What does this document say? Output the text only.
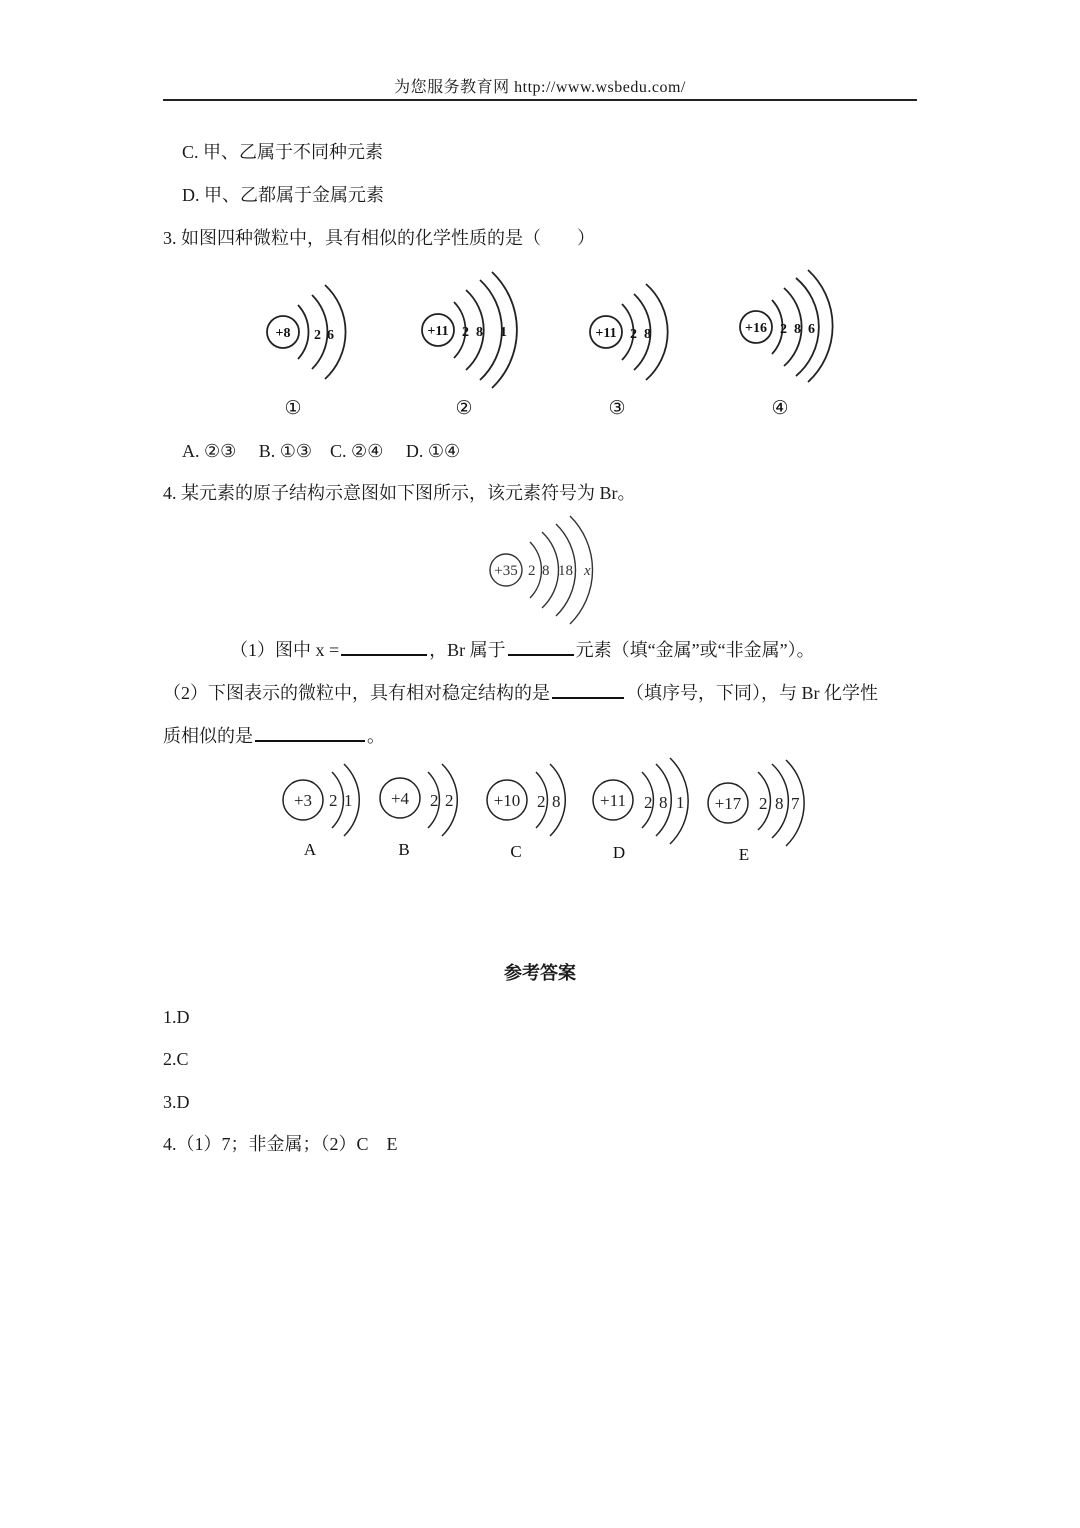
为您服务教育网 http://www.wsbedu.com/
C. 甲、乙属于不同种元素
D. 甲、乙都属于金属元素
3. 如图四种微粒中，具有相似的化学性质的是（　　）
+8 2 6	+11 2 8 1	+11 2 8	+16 2 8 6
①	②	③	④
A. ②③　 B. ①③　C. ②④　 D. ①④
4. 某元素的原子结构示意图如下图所示，该元素符号为 Br。
+35 2 8 18 x
（1）图中 x =	，Br 属于	元素（填“金属”或“非金属”）。
（2）下图表示的微粒中，具有相对稳定结构的是	（填序号，下同），与 Br 化学性
质相似的是	。
+3 2 1 +4 2 2 +10 2 8 +11 2 8 1 +17 2 8 7
A	B	C	D	E
参考答案
1.D
2.C
3.D
4.（1）7；非金属；（2）C　E
